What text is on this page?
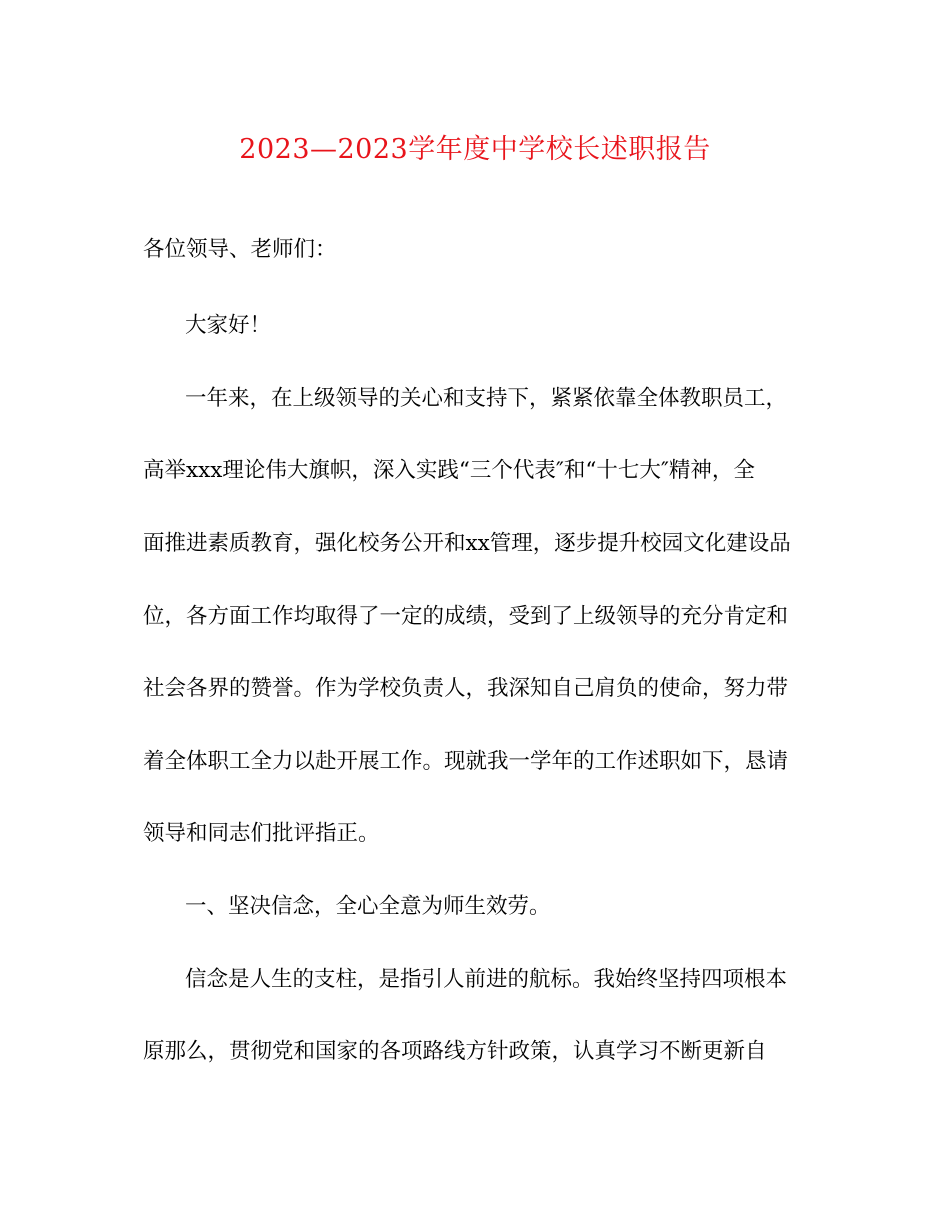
2023—2023学年度中学校长述职报告
各位领导、老师们：
大家好！
一年来，在上级领导的关心和支持下，紧紧依靠全体教职员工，
高举xxx理论伟大旗帜，深入实践“三个代表″和“十七大″精神，全
面推进素质教育，强化校务公开和xx管理，逐步提升校园文化建设品
位，各方面工作均取得了一定的成绩，受到了上级领导的充分肯定和
社会各界的赞誉。作为学校负责人，我深知自己肩负的使命，努力带
着全体职工全力以赴开展工作。现就我一学年的工作述职如下，恳请
领导和同志们批评指正。
一、坚决信念，全心全意为师生效劳。
信念是人生的支柱，是指引人前进的航标。我始终坚持四项根本
原那么，贯彻党和国家的各项路线方针政策，认真学习不断更新自
